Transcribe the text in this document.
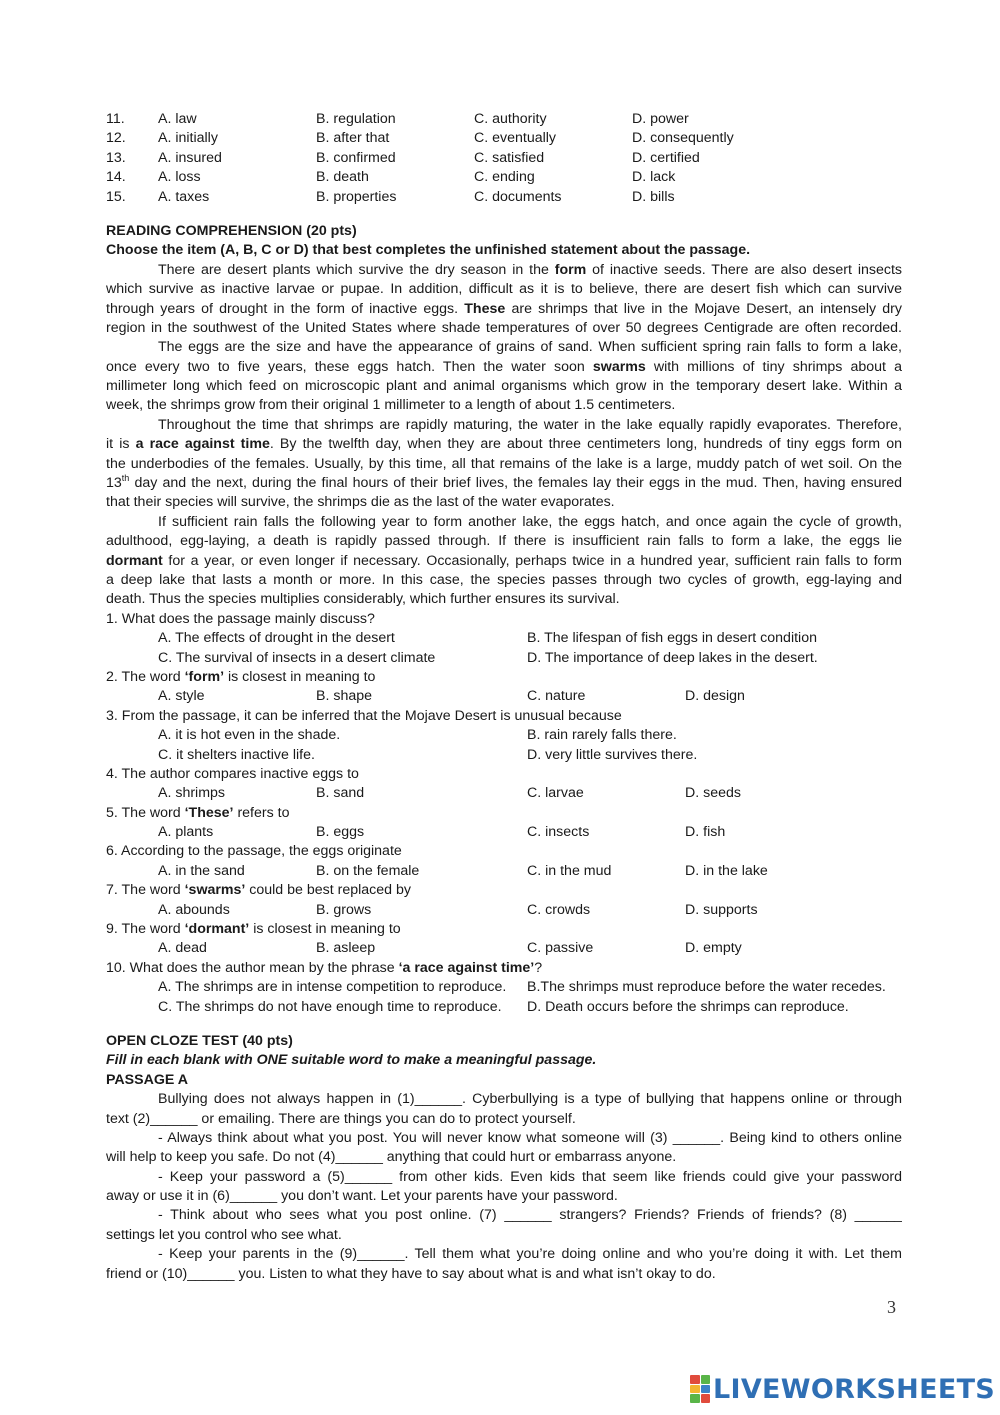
11. A. law	B. regulation	C. authority	D. power
12. A. initially	B. after that	C. eventually	D. consequently
13. A. insured	B. confirmed	C. satisfied	D. certified
14. A. loss	B. death	C. ending	D. lack
15. A. taxes	B. properties	C. documents	D. bills
READING COMPREHENSION (20 pts)
Choose the item (A, B, C or D) that best completes the unfinished statement about the passage.
There are desert plants which survive the dry season in the form of inactive seeds. There are also desert insects
which survive as inactive larvae or pupae. In addition, difficult as it is to believe, there are desert fish which can survive
through years of drought in the form of inactive eggs. These are shrimps that live in the Mojave Desert, an intensely dry
region in the southwest of the United States where shade temperatures of over 50 degrees Centigrade are often recorded.
The eggs are the size and have the appearance of grains of sand. When sufficient spring rain falls to form a lake,
once every two to five years, these eggs hatch. Then the water soon swarms with millions of tiny shrimps about a
millimeter long which feed on microscopic plant and animal organisms which grow in the temporary desert lake. Within a
week, the shrimps grow from their original 1 millimeter to a length of about 1.5 centimeters.
Throughout the time that shrimps are rapidly maturing, the water in the lake equally rapidly evaporates. Therefore,
it is a race against time. By the twelfth day, when they are about three centimeters long, hundreds of tiny eggs form on
the underbodies of the females. Usually, by this time, all that remains of the lake is a large, muddy patch of wet soil. On the
13th day and the next, during the final hours of their brief lives, the females lay their eggs in the mud. Then, having ensured
that their species will survive, the shrimps die as the last of the water evaporates.
If sufficient rain falls the following year to form another lake, the eggs hatch, and once again the cycle of growth,
adulthood, egg-laying, a death is rapidly passed through. If there is insufficient rain falls to form a lake, the eggs lie
dormant for a year, or even longer if necessary. Occasionally, perhaps twice in a hundred year, sufficient rain falls to form
a deep lake that lasts a month or more. In this case, the species passes through two cycles of growth, egg-laying and
death. Thus the species multiplies considerably, which further ensures its survival.
1. What does the passage mainly discuss?
A. The effects of drought in the desert	B. The lifespan of fish eggs in desert condition
C. The survival of insects in a desert climate	D. The importance of deep lakes in the desert.
2. The word ‘form’ is closest in meaning to
A. style	B. shape	C. nature	D. design
3. From the passage, it can be inferred that the Mojave Desert is unusual because
A. it is hot even in the shade.	B. rain rarely falls there.
C. it shelters inactive life.	D. very little survives there.
4. The author compares inactive eggs to
A. shrimps	B. sand	C. larvae	D. seeds
5. The word ‘These’ refers to
A. plants	B. eggs	C. insects	D. fish
6. According to the passage, the eggs originate
A. in the sand	B. on the female	C. in the mud	D. in the lake
7. The word ‘swarms’ could be best replaced by
A. abounds	B. grows	C. crowds	D. supports
9. The word ‘dormant’ is closest in meaning to
A. dead	B. asleep	C. passive	D. empty
10. What does the author mean by the phrase ‘a race against time’?
A. The shrimps are in intense competition to reproduce. B.The shrimps must reproduce before the water recedes.
C. The shrimps do not have enough time to reproduce. D. Death occurs before the shrimps can reproduce.
OPEN CLOZE TEST (40 pts)
Fill in each blank with ONE suitable word to make a meaningful passage.
PASSAGE A
Bullying does not always happen in (1)______. Cyberbullying is a type of bullying that happens online or through
text (2)______ or emailing. There are things you can do to protect yourself.
- Always think about what you post. You will never know what someone will (3) ______. Being kind to others online
will help to keep you safe. Do not (4)______ anything that could hurt or embarrass anyone.
- Keep your password a (5)______ from other kids. Even kids that seem like friends could give your password
away or use it in (6)______ you don’t want. Let your parents have your password.
- Think about who sees what you post online. (7) ______ strangers? Friends? Friends of friends? (8) ______
settings let you control who see what.
- Keep your parents in the (9)______. Tell them what you’re doing online and who you’re doing it with. Let them
friend or (10)______ you. Listen to what they have to say about what is and what isn’t okay to do.
3
LIVEWORKSHEETS
